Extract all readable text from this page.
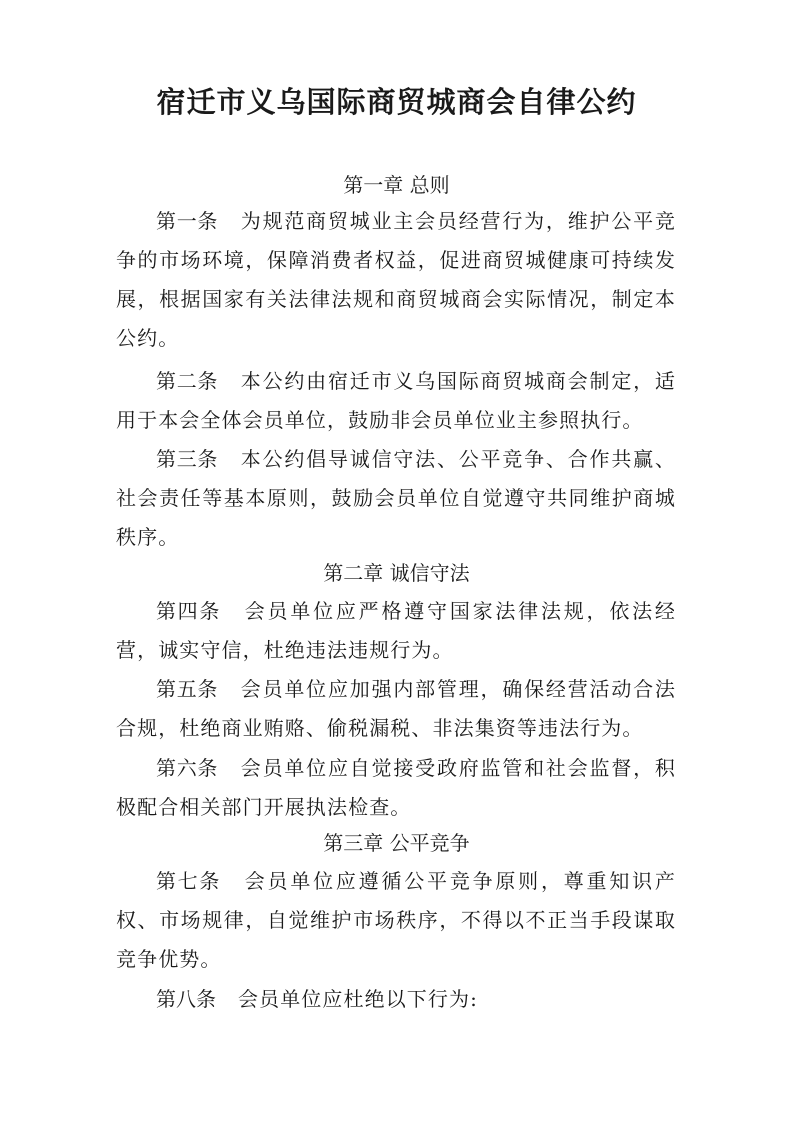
宿迁市义乌国际商贸城商会自律公约
第一章 总则
第一条 为规范商贸城业主会员经营行为，维护公平竞争的市场环境，保障消费者权益，促进商贸城健康可持续发展，根据国家有关法律法规和商贸城商会实际情况，制定本公约。
第二条 本公约由宿迁市义乌国际商贸城商会制定，适用于本会全体会员单位，鼓励非会员单位业主参照执行。
第三条 本公约倡导诚信守法、公平竞争、合作共赢、社会责任等基本原则，鼓励会员单位自觉遵守共同维护商城秩序。
第二章 诚信守法
第四条 会员单位应严格遵守国家法律法规，依法经营，诚实守信，杜绝违法违规行为。
第五条 会员单位应加强内部管理，确保经营活动合法合规，杜绝商业贿赂、偷税漏税、非法集资等违法行为。
第六条 会员单位应自觉接受政府监管和社会监督，积极配合相关部门开展执法检查。
第三章 公平竞争
第七条 会员单位应遵循公平竞争原则，尊重知识产权、市场规律，自觉维护市场秩序，不得以不正当手段谋取竞争优势。
第八条 会员单位应杜绝以下行为:
